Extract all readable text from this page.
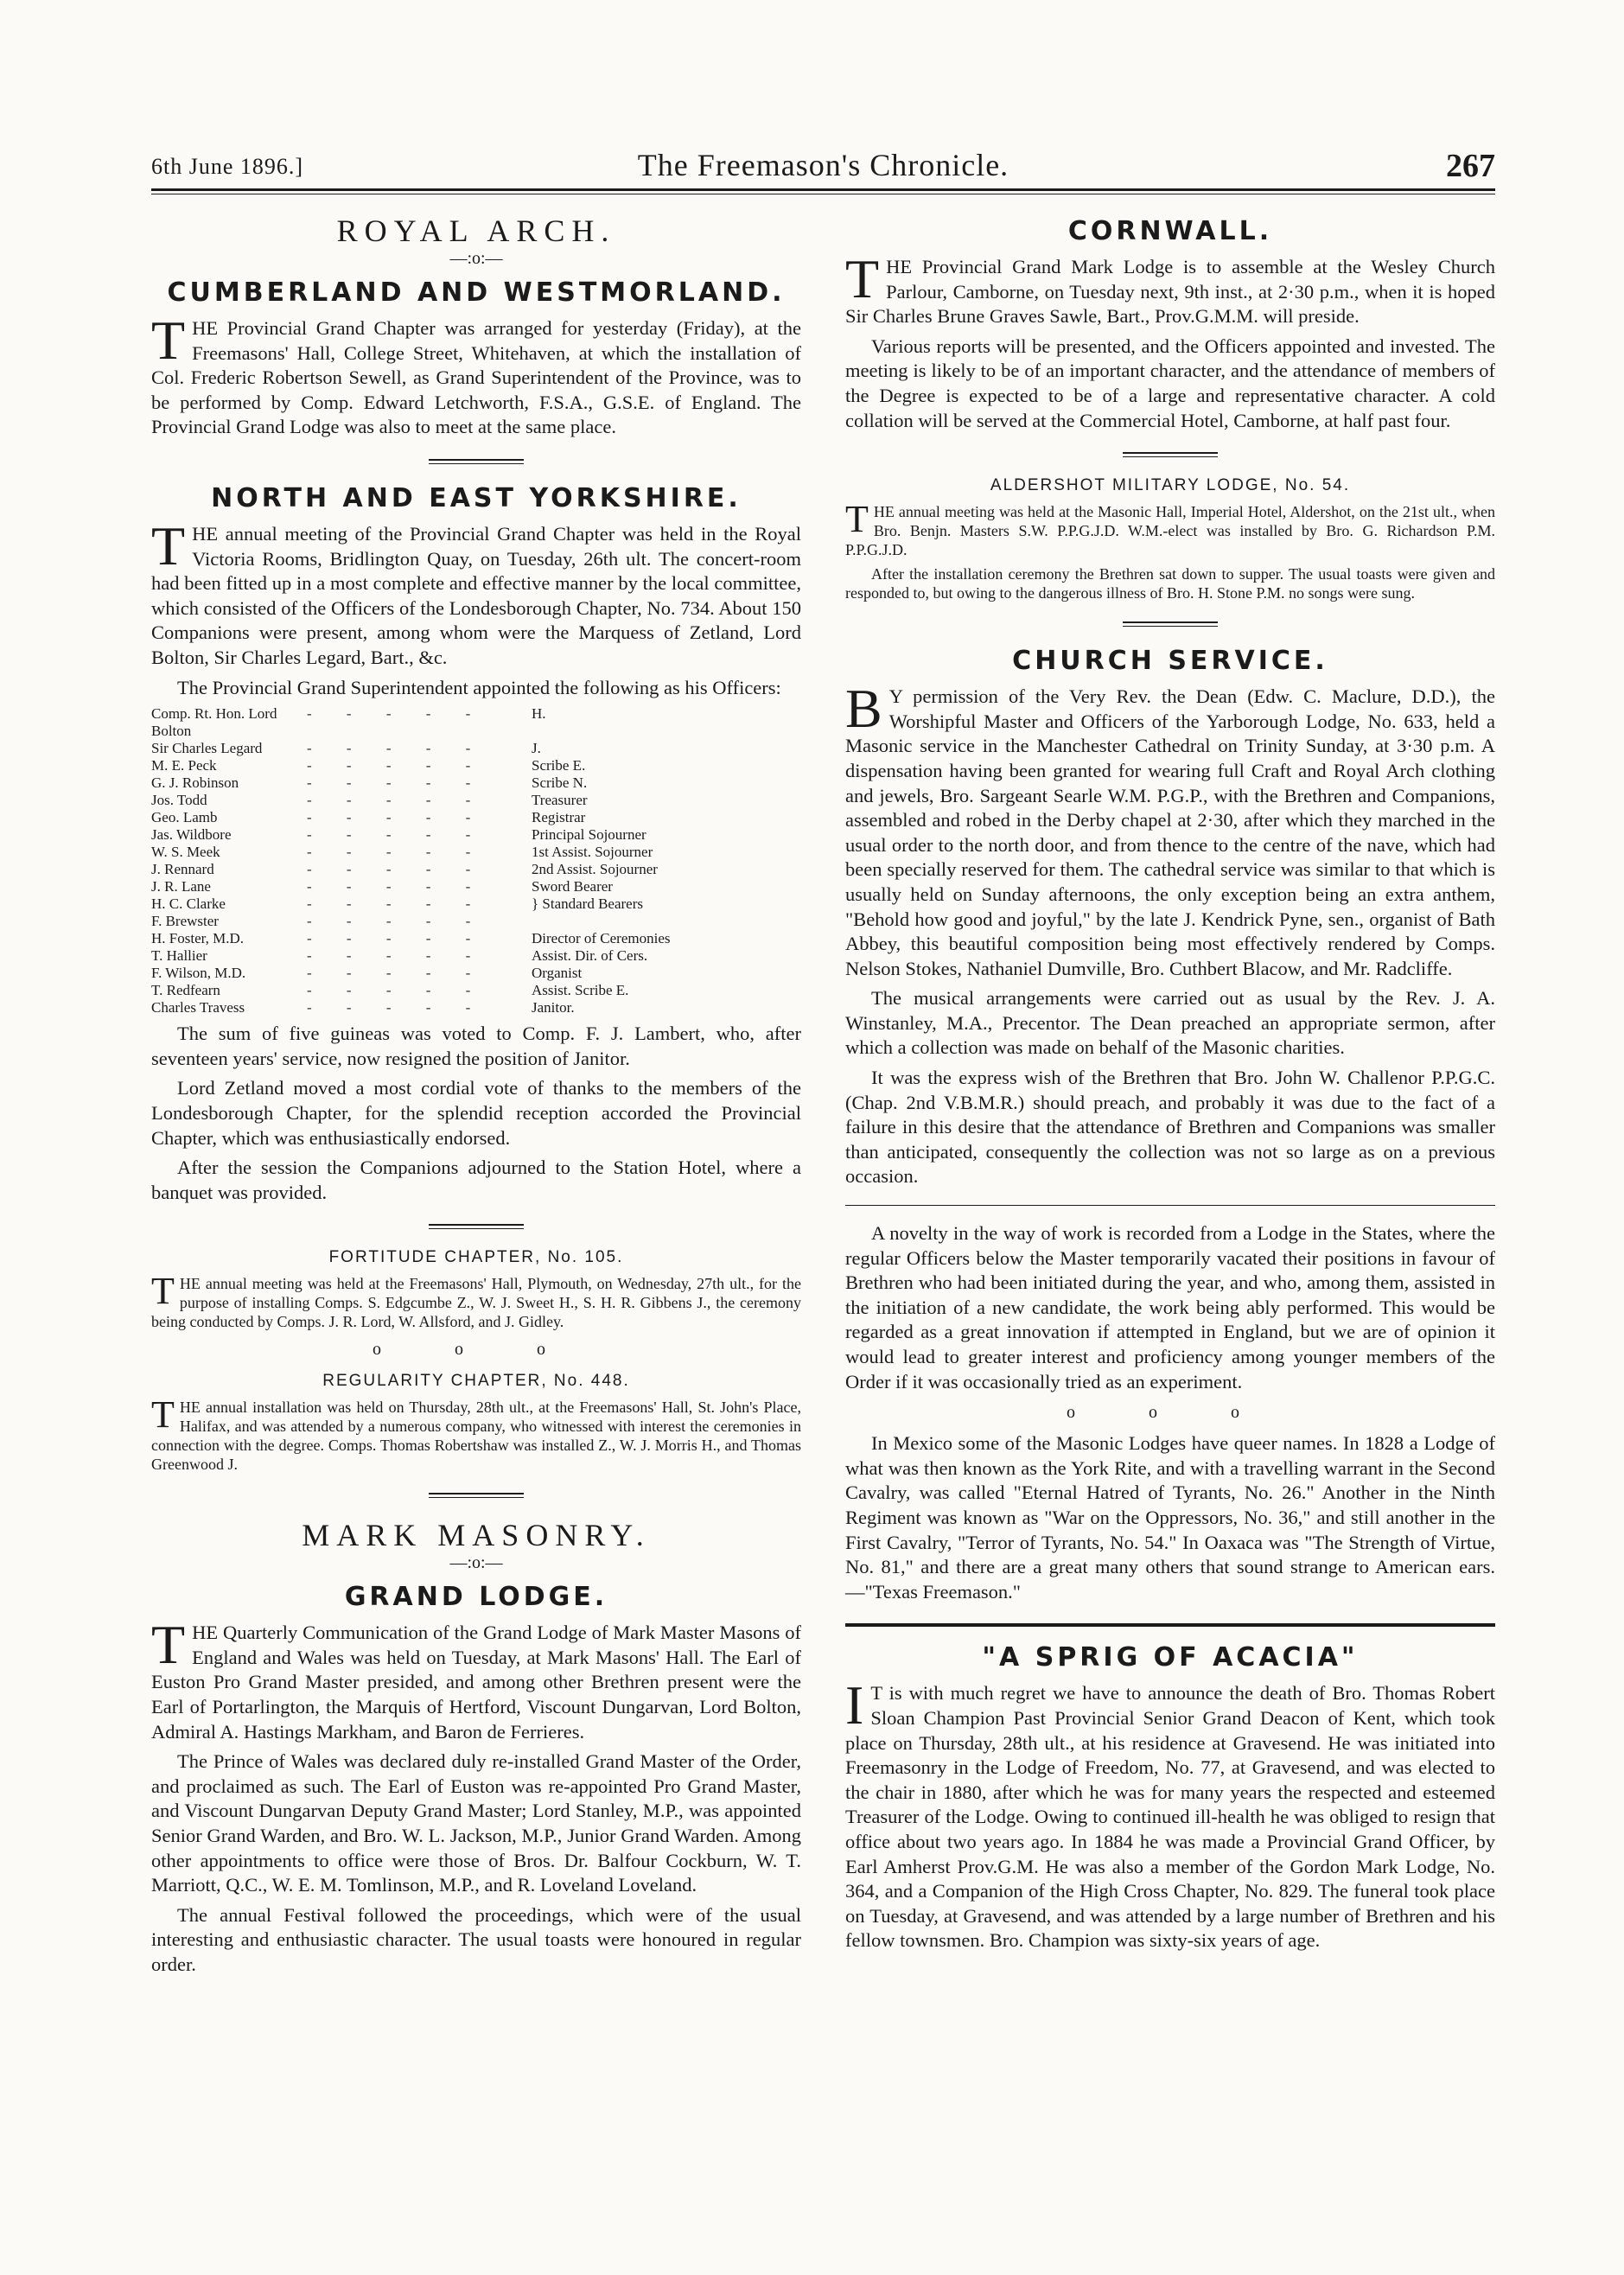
6th June 1896.]	The Freemason's Chronicle.	267
ROYAL ARCH.
—:o:—
CUMBERLAND AND WESTMORLAND.

THE Provincial Grand Chapter was arranged for yesterday (Friday), at the Freemasons' Hall, College Street, Whitehaven, at which the installation of Col. Frederic Robertson Sewell, as Grand Superintendent of the Province, was to be performed by Comp. Edward Letchworth, F.S.A., G.S.E. of England. The Provincial Grand Lodge was also to meet at the same place.

NORTH AND EAST YORKSHIRE.

THE annual meeting of the Provincial Grand Chapter was held in the Royal Victoria Rooms, Bridlington Quay, on Tuesday, 26th ult. The concert-room had been fitted up in a most complete and effective manner by the local committee, which consisted of the Officers of the Londesborough Chapter, No. 734. About 150 Companions were present, among whom were the Marquess of Zetland, Lord Bolton, Sir Charles Legard, Bart., &c.

The Provincial Grand Superintendent appointed the following as his Officers:

Comp. Rt. Hon. Lord Bolton	- - - - -	H.
Sir Charles Legard	- - - - -	J.
M. E. Peck	- - - - -	Scribe E.
G. J. Robinson	- - - - -	Scribe N.
Jos. Todd	- - - - -	Treasurer
Geo. Lamb	- - - - -	Registrar
Jas. Wildbore	- - - - -	Principal Sojourner
W. S. Meek	- - - - -	1st Assist. Sojourner
J. Rennard	- - - - -	2nd Assist. Sojourner
J. R. Lane	- - - - -	Sword Bearer
H. C. Clarke	- - - - -	} Standard Bearers
F. Brewster	- - - - -	
H. Foster, M.D.	- - - - -	Director of Ceremonies
T. Hallier	- - - - -	Assist. Dir. of Cers.
F. Wilson, M.D.	- - - - -	Organist
T. Redfearn	- - - - -	Assist. Scribe E.
Charles Travess	- - - - -	Janitor.

The sum of five guineas was voted to Comp. F. J. Lambert, who, after seventeen years' service, now resigned the position of Janitor.

Lord Zetland moved a most cordial vote of thanks to the members of the Londesborough Chapter, for the splendid reception accorded the Provincial Chapter, which was enthusiastically endorsed.

After the session the Companions adjourned to the Station Hotel, where a banquet was provided.

FORTITUDE CHAPTER, No. 105.

THE annual meeting was held at the Freemasons' Hall, Plymouth, on Wednesday, 27th ult., for the purpose of installing Comps. S. Edgcumbe Z., W. J. Sweet H., S. H. R. Gibbens J., the ceremony being conducted by Comps. J. R. Lord, W. Allsford, and J. Gidley.

o o o
REGULARITY CHAPTER, No. 448.

THE annual installation was held on Thursday, 28th ult., at the Freemasons' Hall, St. John's Place, Halifax, and was attended by a numerous company, who witnessed with interest the ceremonies in connection with the degree. Comps. Thomas Robertshaw was installed Z., W. J. Morris H., and Thomas Greenwood J.

MARK MASONRY.
—:o:—
GRAND LODGE.

THE Quarterly Communication of the Grand Lodge of Mark Master Masons of England and Wales was held on Tuesday, at Mark Masons' Hall. The Earl of Euston Pro Grand Master presided, and among other Brethren present were the Earl of Portarlington, the Marquis of Hertford, Viscount Dungarvan, Lord Bolton, Admiral A. Hastings Markham, and Baron de Ferrieres.

The Prince of Wales was declared duly re-installed Grand Master of the Order, and proclaimed as such. The Earl of Euston was re-appointed Pro Grand Master, and Viscount Dungarvan Deputy Grand Master; Lord Stanley, M.P., was appointed Senior Grand Warden, and Bro. W. L. Jackson, M.P., Junior Grand Warden. Among other appointments to office were those of Bros. Dr. Balfour Cockburn, W. T. Marriott, Q.C., W. E. M. Tomlinson, M.P., and R. Loveland Loveland.

The annual Festival followed the proceedings, which were of the usual interesting and enthusiastic character. The usual toasts were honoured in regular order.

CORNWALL.

THE Provincial Grand Mark Lodge is to assemble at the Wesley Church Parlour, Camborne, on Tuesday next, 9th inst., at 2·30 p.m., when it is hoped Sir Charles Brune Graves Sawle, Bart., Prov.G.M.M. will preside.

Various reports will be presented, and the Officers appointed and invested. The meeting is likely to be of an important character, and the attendance of members of the Degree is expected to be of a large and representative character. A cold collation will be served at the Commercial Hotel, Camborne, at half past four.

ALDERSHOT MILITARY LODGE, No. 54.

THE annual meeting was held at the Masonic Hall, Imperial Hotel, Aldershot, on the 21st ult., when Bro. Benjn. Masters S.W. P.P.G.J.D. W.M.-elect was installed by Bro. G. Richardson P.M. P.P.G.J.D.

After the installation ceremony the Brethren sat down to supper. The usual toasts were given and responded to, but owing to the dangerous illness of Bro. H. Stone P.M. no songs were sung.

CHURCH SERVICE.

B Y permission of the Very Rev. the Dean (Edw. C. Maclure, D.D.), the Worshipful Master and Officers of the Yarborough Lodge, No. 633, held a Masonic service in the Manchester Cathedral on Trinity Sunday, at 3·30 p.m. A dispensation having been granted for wearing full Craft and Royal Arch clothing and jewels, Bro. Sargeant Searle W.M. P.G.P., with the Brethren and Companions, assembled and robed in the Derby chapel at 2·30, after which they marched in the usual order to the north door, and from thence to the centre of the nave, which had been specially reserved for them. The cathedral service was similar to that which is usually held on Sunday afternoons, the only exception being an extra anthem, "Behold how good and joyful," by the late J. Kendrick Pyne, sen., organist of Bath Abbey, this beautiful composition being most effectively rendered by Comps. Nelson Stokes, Nathaniel Dumville, Bro. Cuthbert Blacow, and Mr. Radcliffe.

The musical arrangements were carried out as usual by the Rev. J. A. Winstanley, M.A., Precentor. The Dean preached an appropriate sermon, after which a collection was made on behalf of the Masonic charities.

It was the express wish of the Brethren that Bro. John W. Challenor P.P.G.C. (Chap. 2nd V.B.M.R.) should preach, and probably it was due to the fact of a failure in this desire that the attendance of Brethren and Companions was smaller than anticipated, consequently the collection was not so large as on a previous occasion.

A novelty in the way of work is recorded from a Lodge in the States, where the regular Officers below the Master temporarily vacated their positions in favour of Brethren who had been initiated during the year, and who, among them, assisted in the initiation of a new candidate, the work being ably performed. This would be regarded as a great innovation if attempted in England, but we are of opinion it would lead to greater interest and proficiency among younger members of the Order if it was occasionally tried as an experiment.

o o o

In Mexico some of the Masonic Lodges have queer names. In 1828 a Lodge of what was then known as the York Rite, and with a travelling warrant in the Second Cavalry, was called "Eternal Hatred of Tyrants, No. 26." Another in the Ninth Regiment was known as "War on the Oppressors, No. 36," and still another in the First Cavalry, "Terror of Tyrants, No. 54." In Oaxaca was "The Strength of Virtue, No. 81," and there are a great many others that sound strange to American ears.—"Texas Freemason."

"A SPRIG OF ACACIA"

I T is with much regret we have to announce the death of Bro. Thomas Robert Sloan Champion Past Provincial Senior Grand Deacon of Kent, which took place on Thursday, 28th ult., at his residence at Gravesend. He was initiated into Freemasonry in the Lodge of Freedom, No. 77, at Gravesend, and was elected to the chair in 1880, after which he was for many years the respected and esteemed Treasurer of the Lodge. Owing to continued ill-health he was obliged to resign that office about two years ago. In 1884 he was made a Provincial Grand Officer, by Earl Amherst Prov.G.M. He was also a member of the Gordon Mark Lodge, No. 364, and a Companion of the High Cross Chapter, No. 829. The funeral took place on Tuesday, at Gravesend, and was attended by a large number of Brethren and his fellow townsmen. Bro. Champion was sixty-six years of age.
